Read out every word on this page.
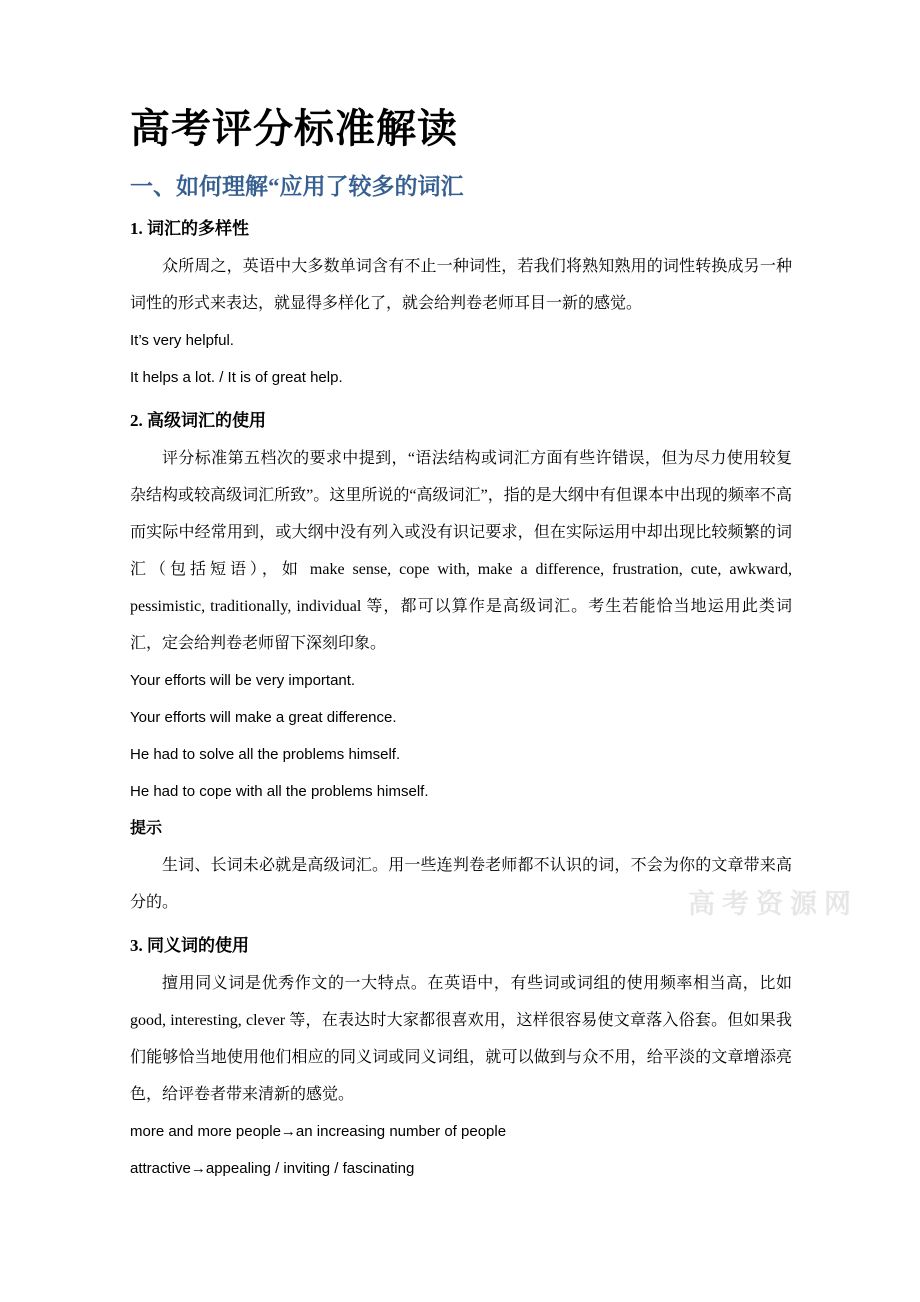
高考评分标准解读
一、如何理解“应用了较多的词汇
1. 词汇的多样性

众所周之，英语中大多数单词含有不止一种词性，若我们将熟知熟用的词性转换成另一种词性的形式来表达，就显得多样化了，就会给判卷老师耳目一新的感觉。

It’s very helpful.

It helps a lot. / It is of great help.

2. 高级词汇的使用

评分标准第五档次的要求中提到，“语法结构或词汇方面有些许错误，但为尽力使用较复杂结构或较高级词汇所致”。这里所说的“高级词汇”，指的是大纲中有但课本中出现的频率不高而实际中经常用到，或大纲中没有列入或没有识记要求，但在实际运用中却出现比较频繁的词汇（包括短语），如 make sense, cope with, make a difference, frustration, cute, awkward, pessimistic, traditionally, individual 等，都可以算作是高级词汇。考生若能恰当地运用此类词汇，定会给判卷老师留下深刻印象。

Your efforts will be very important.

Your efforts will make a great difference.

He had to solve all the problems himself.

He had to cope with all the problems himself.

提示

生词、长词未必就是高级词汇。用一些连判卷老师都不认识的词，不会为你的文章带来高分的。

3. 同义词的使用

擅用同义词是优秀作文的一大特点。在英语中，有些词或词组的使用频率相当高，比如 good, interesting, clever 等，在表达时大家都很喜欢用，这样很容易使文章落入俗套。但如果我们能够恰当地使用他们相应的同义词或同义词组，就可以做到与众不用，给平淡的文章增添亮色，给评卷者带来清新的感觉。

more and more people→an increasing number of people

attractive→appealing / inviting / fascinating

高考资源网
